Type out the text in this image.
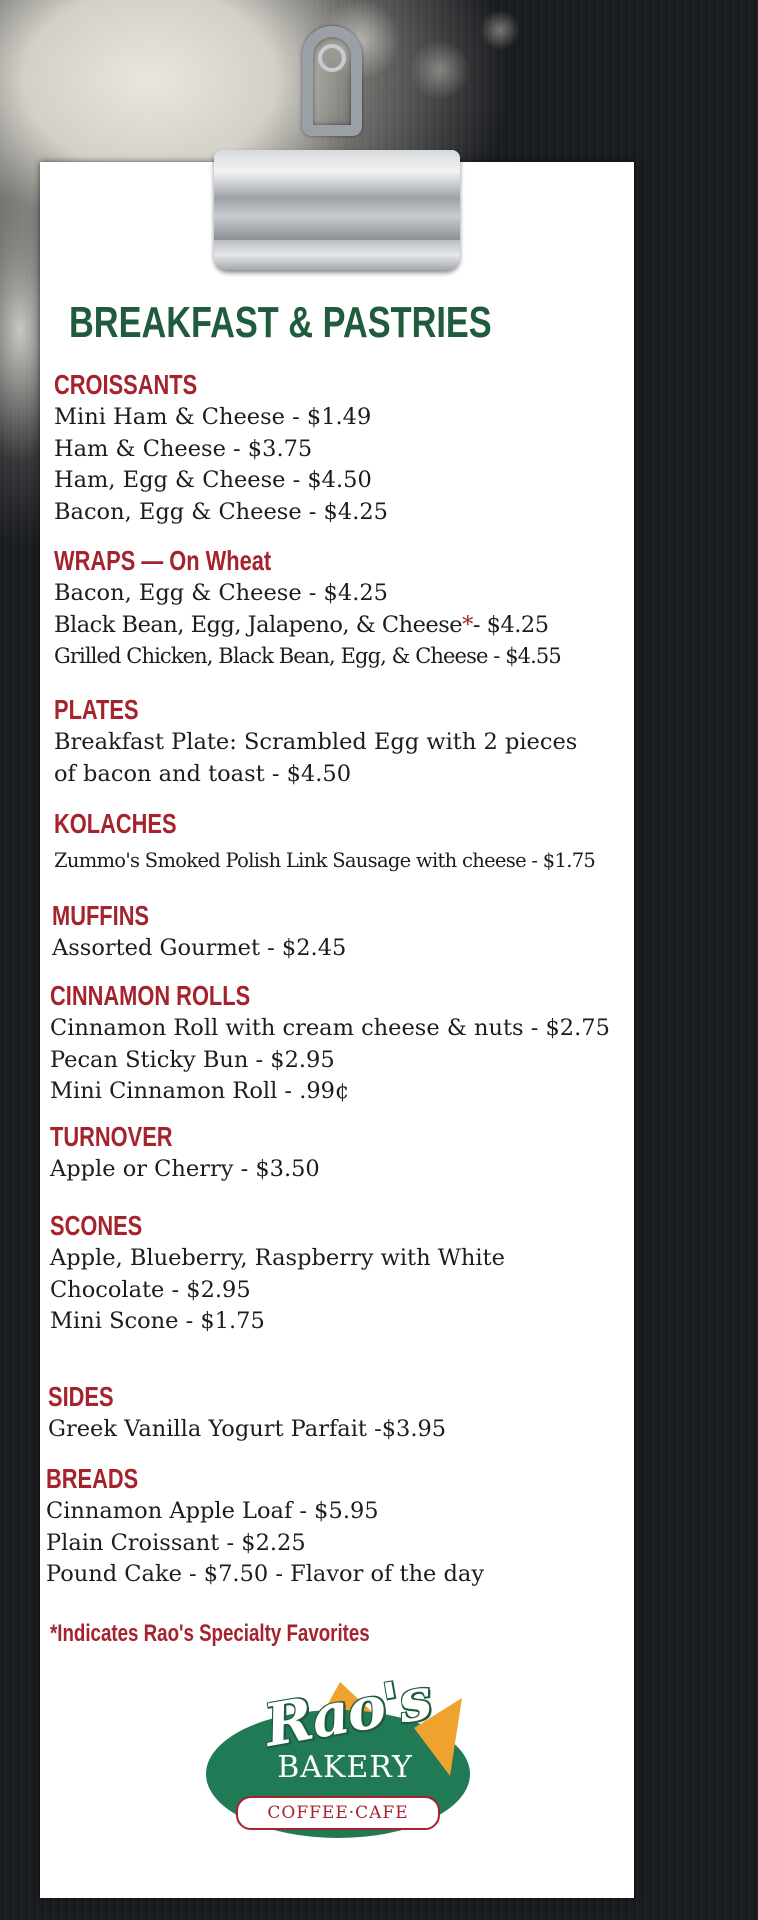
BREAKFAST & PASTRIES
CROISSANTS

Mini Ham & Cheese - $1.49

Ham & Cheese - $3.75

Ham, Egg & Cheese - $4.50

Bacon, Egg & Cheese - $4.25

WRAPS — On Wheat

Bacon, Egg & Cheese - $4.25

Black Bean, Egg, Jalapeno, & Cheese*- $4.25

Grilled Chicken, Black Bean, Egg, & Cheese - $4.55

PLATES

Breakfast Plate: Scrambled Egg with 2 pieces of bacon and toast - $4.50

KOLACHES

Zummo's Smoked Polish Link Sausage with cheese - $1.75

MUFFINS

Assorted Gourmet - $2.45

CINNAMON ROLLS

Cinnamon Roll with cream cheese & nuts - $2.75

Pecan Sticky Bun - $2.95

Mini Cinnamon Roll - .99¢

TURNOVER

Apple or Cherry - $3.50

SCONES

Apple, Blueberry, Raspberry with White Chocolate - $2.95

Mini Scone - $1.75

SIDES

Greek Vanilla Yogurt Parfait -$3.95

BREADS

Cinnamon Apple Loaf - $5.95

Plain Croissant - $2.25

Pound Cake - $7.50 - Flavor of the day

*Indicates Rao's Specialty Favorites

Rao's
BAKERY
COFFEE·CAFE
